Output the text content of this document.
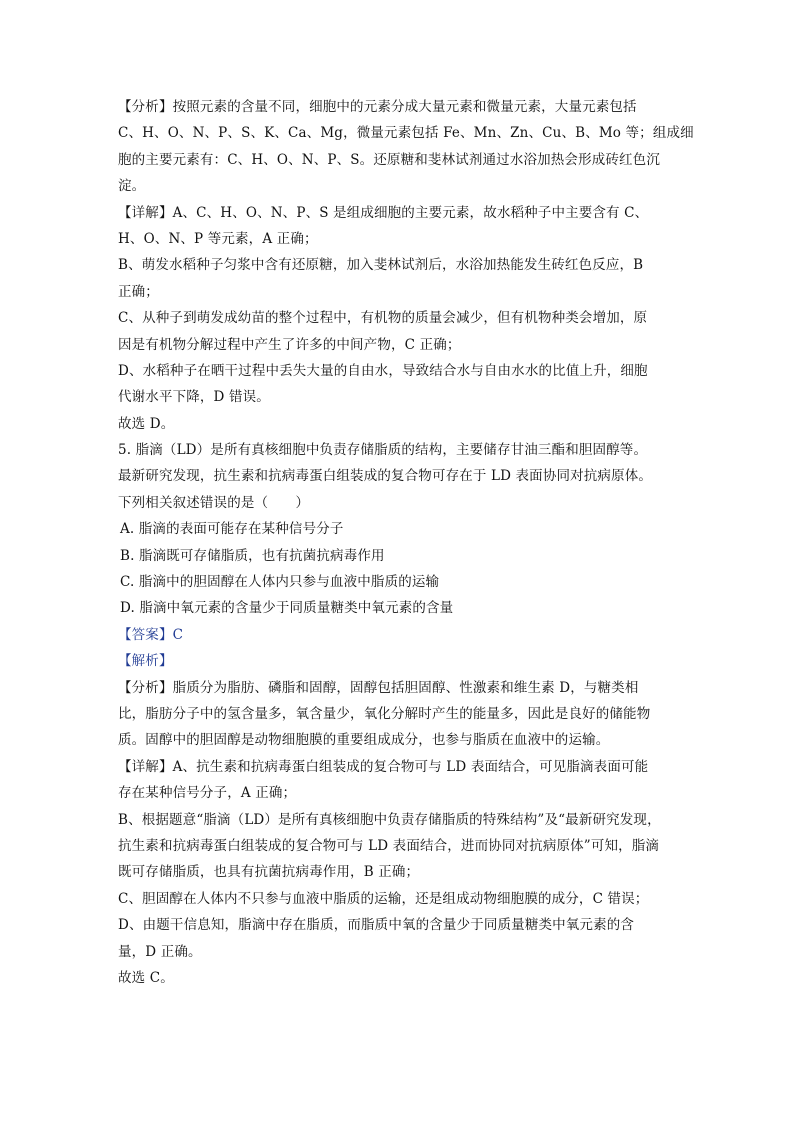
【分析】按照元素的含量不同，细胞中的元素分成大量元素和微量元素，大量元素包括
C、H、O、N、P、S、K、Ca、Mg，微量元素包括 Fe、Mn、Zn、Cu、B、Mo 等；组成细
胞的主要元素有：C、H、O、N、P、S。还原糖和斐林试剂通过水浴加热会形成砖红色沉
淀。
【详解】A、C、H、O、N、P、S 是组成细胞的主要元素，故水稻种子中主要含有 C、
H、O、N、P 等元素，A 正确；
B、萌发水稻种子匀浆中含有还原糖，加入斐林试剂后，水浴加热能发生砖红色反应，B
正确；
C、从种子到萌发成幼苗的整个过程中，有机物的质量会减少，但有机物种类会增加，原
因是有机物分解过程中产生了许多的中间产物，C 正确；
D、水稻种子在晒干过程中丢失大量的自由水，导致结合水与自由水水的比值上升，细胞
代谢水平下降，D 错误。
故选 D。
5. 脂滴（LD）是所有真核细胞中负责存储脂质的结构，主要储存甘油三酯和胆固醇等。
最新研究发现，抗生素和抗病毒蛋白组装成的复合物可存在于 LD 表面协同对抗病原体。
下列相关叙述错误的是（　　）
A. 脂滴的表面可能存在某种信号分子
B. 脂滴既可存储脂质，也有抗菌抗病毒作用
C. 脂滴中的胆固醇在人体内只参与血液中脂质的运输
D. 脂滴中氧元素的含量少于同质量糖类中氧元素的含量
【答案】C
【解析】
【分析】脂质分为脂肪、磷脂和固醇，固醇包括胆固醇、性激素和维生素 D，与糖类相
比，脂肪分子中的氢含量多，氧含量少，氧化分解时产生的能量多，因此是良好的储能物
质。固醇中的胆固醇是动物细胞膜的重要组成成分，也参与脂质在血液中的运输。
【详解】A、抗生素和抗病毒蛋白组装成的复合物可与 LD 表面结合，可见脂滴表面可能
存在某种信号分子，A 正确；
B、根据题意“脂滴（LD）是所有真核细胞中负责存储脂质的特殊结构”及“最新研究发现，
抗生素和抗病毒蛋白组装成的复合物可与 LD 表面结合，进而协同对抗病原体”可知，脂滴
既可存储脂质，也具有抗菌抗病毒作用，B 正确；
C、胆固醇在人体内不只参与血液中脂质的运输，还是组成动物细胞膜的成分，C 错误；
D、由题干信息知，脂滴中存在脂质，而脂质中氧的含量少于同质量糖类中氧元素的含
量，D 正确。
故选 C。
